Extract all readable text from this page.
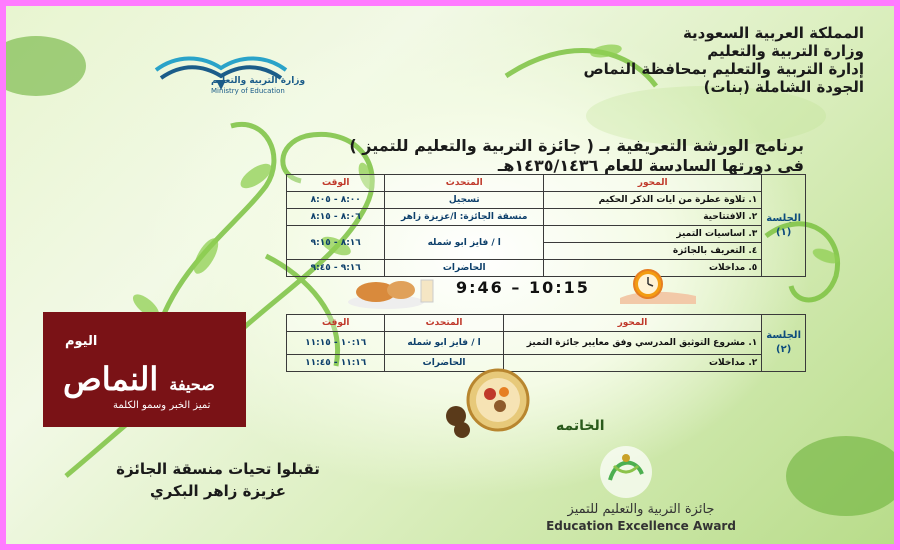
وزارة التربية والتعليم
Ministry of Education
المملكة العربية السعودية
وزارة التربية والتعليم
إدارة التربية والتعليم بمحافظة النماص
الجودة الشاملة (بنات)
برنامج الورشة التعريفية بـ ( جائزة التربية والتعليم للتميز )
في دورتها السادسة للعام ١٤٣٥/١٤٣٦هـ
الجلسة (١)	المحور	المتحدث	الوقت
	١. تلاوة عطرة من ايات الذكر الحكيم	تسجيل	٨:٠٠ - ٨:٠٥
	٢. الافتتاحية	منسقة الجائزة: ا/عزيزة زاهر	٨:٠٦ - ٨:١٥
	٣. اساسيات التميز	ا / فايز ابو شمله	٨:١٦ - ٩:١٥
	٤. التعريف بالجائزة		
	٥. مداخلات	الحاضرات	٩:١٦ - ٩:٤٥
9:46 – 10:15
الجلسة (٢)	المحور	المتحدث	الوقت
	١. مشروع التوثيق المدرسي وفق معايير جائزة التميز	ا / فايز ابو شمله	١٠:١٦ - ١١:١٥
	٢. مداخلات	الحاضرات	١١:١٦ - ١١:٤٥
اليوم
صحيفة النماص
تميز الخبر وسمو الكلمة
الخاتمه
تقبلوا تحيات منسقة الجائزة
عزيزة زاهر البكري
جائزة التربية والتعليم للتميز
Education Excellence Award
